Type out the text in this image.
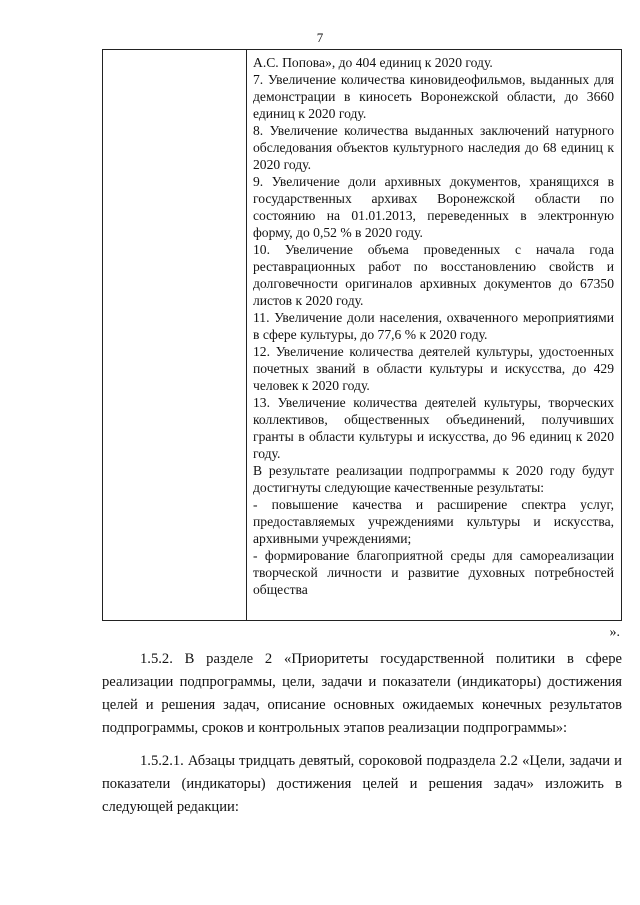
7

А.С. Попова», до 404 единиц к 2020 году.

7. Увеличение количества киновидеофильмов, выданных для демонстрации в киносеть Воронежской области, до 3660 единиц к 2020 году.

8. Увеличение количества выданных заключений натурного обследования объектов культурного наследия до 68 единиц к 2020 году.

9. Увеличение доли архивных документов, хранящихся в государственных архивах Воронежской области по состоянию на 01.01.2013, переведенных в электронную форму, до 0,52 % в 2020 году.

10. Увеличение объема проведенных с начала года реставрационных работ по восстановлению свойств и долговечности оригиналов архивных документов до 67350 листов к 2020 году.

11. Увеличение доли населения, охваченного мероприятиями в сфере культуры, до 77,6 % к 2020 году.

12. Увеличение количества деятелей культуры, удостоенных почетных званий в области культуры и искусства, до 429 человек к 2020 году.

13. Увеличение количества деятелей культуры, творческих коллективов, общественных объединений, получивших гранты в области культуры и искусства, до 96 единиц к 2020 году.

В результате реализации подпрограммы к 2020 году будут достигнуты следующие качественные результаты:

- повышение качества и расширение спектра услуг, предоставляемых учреждениями культуры и искусства, архивными учреждениями;

- формирование благоприятной среды для самореализации творческой личности и развитие духовных потребностей общества

».

1.5.2. В разделе 2 «Приоритеты государственной политики в сфере реализации подпрограммы, цели, задачи и показатели (индикаторы) достижения целей и решения задач, описание основных ожидаемых конечных результатов подпрограммы, сроков и контрольных этапов реализации подпрограммы»:

1.5.2.1. Абзацы тридцать девятый, сороковой подраздела 2.2 «Цели, задачи и показатели (индикаторы) достижения целей и решения задач» изложить в следующей редакции:
